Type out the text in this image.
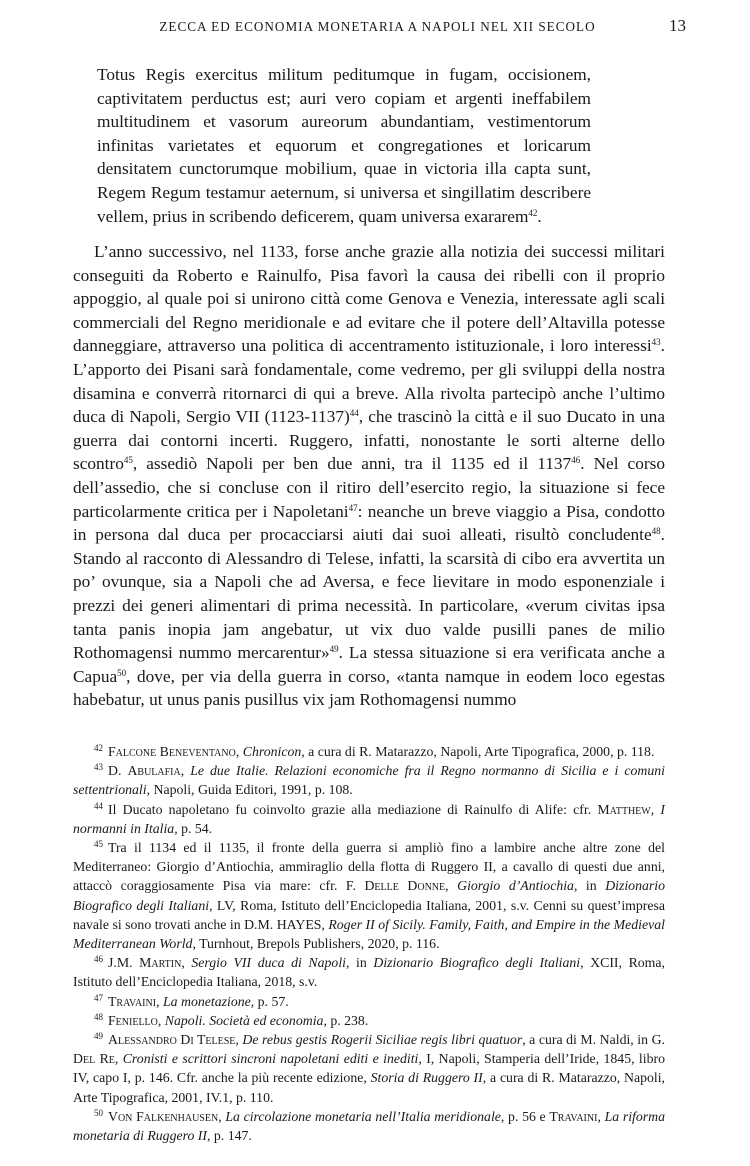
ZECCA ED ECONOMIA MONETARIA A NAPOLI NEL XII SECOLO	13

Totus Regis exercitus militum peditumque in fugam, occisionem, captivitatem perductus est; auri vero copiam et argenti ineffabilem multitudinem et vasorum aureorum abundantiam, vestimentorum infinitas varietates et equorum et congregationes et loricarum densitatem cunctorumque mobilium, quae in victoria illa capta sunt, Regem Regum testamur aeternum, si universa et singillatim describere vellem, prius in scribendo deficerem, quam universa exararem$^{42}$.

L’anno successivo, nel 1133, forse anche grazie alla notizia dei successi militari conseguiti da Roberto e Rainulfo, Pisa favorì la causa dei ribelli con il proprio appoggio, al quale poi si unirono città come Genova e Venezia, interessate agli scali commerciali del Regno meridionale e ad evitare che il potere dell’Altavilla potesse danneggiare, attraverso una politica di accentramento istituzionale, i loro interessi$^{43}$. L’apporto dei Pisani sarà fondamentale, come vedremo, per gli sviluppi della nostra disamina e converrà ritornarci di qui a breve. Alla rivolta partecipò anche l’ultimo duca di Napoli, Sergio VII (1123-1137)$^{44}$, che trascinò la città e il suo Ducato in una guerra dai contorni incerti. Ruggero, infatti, nonostante le sorti alterne dello scontro$^{45}$, assediò Napoli per ben due anni, tra il 1135 ed il 1137$^{46}$. Nel corso dell’assedio, che si concluse con il ritiro dell’esercito regio, la situazione si fece particolarmente critica per i Napoletani$^{47}$: neanche un breve viaggio a Pisa, condotto in persona dal duca per procacciarsi aiuti dai suoi alleati, risultò concludente$^{48}$. Stando al racconto di Alessandro di Telese, infatti, la scarsità di cibo era avvertita un po’ ovunque, sia a Napoli che ad Aversa, e fece lievitare in modo esponenziale i prezzi dei generi alimentari di prima necessità. In particolare, «verum civitas ipsa tanta panis inopia jam angebatur, ut vix duo valde pusilli panes de milio Rothomagensi nummo mercarentur»$^{49}$. La stessa situazione si era verificata anche a Capua$^{50}$, dove, per via della guerra in corso, «tanta namque in eodem loco egestas habebatur, ut unus panis pusillus vix jam Rothomagensi nummo

$^{42}$ Falcone Beneventano, Chronicon, a cura di R. Matarazzo, Napoli, Arte Tipografica, 2000, p. 118.

$^{43}$ D. Abulafia, Le due Italie. Relazioni economiche fra il Regno normanno di Sicilia e i comuni settentrionali, Napoli, Guida Editori, 1991, p. 108.

$^{44}$ Il Ducato napoletano fu coinvolto grazie alla mediazione di Rainulfo di Alife: cfr. Matthew, I normanni in Italia, p. 54.

$^{45}$ Tra il 1134 ed il 1135, il fronte della guerra si ampliò fino a lambire anche altre zone del Mediterraneo: Giorgio d’Antiochia, ammiraglio della flotta di Ruggero II, a cavallo di questi due anni, attaccò coraggiosamente Pisa via mare: cfr. F. Delle Donne, Giorgio d’Antiochia, in Dizionario Biografico degli Italiani, LV, Roma, Istituto dell’Enciclopedia Italiana, 2001, s.v. Cenni su quest’impresa navale si sono trovati anche in D.M. HAYES, Roger II of Sicily. Family, Faith, and Empire in the Medieval Mediterranean World, Turnhout, Brepols Publishers, 2020, p. 116.

$^{46}$ J.M. Martin, Sergio VII duca di Napoli, in Dizionario Biografico degli Italiani, XCII, Roma, Istituto dell’Enciclopedia Italiana, 2018, s.v.

$^{47}$ Travaini, La monetazione, p. 57.

$^{48}$ Feniello, Napoli. Società ed economia, p. 238.

$^{49}$ Alessandro Di Telese, De rebus gestis Rogerii Siciliae regis libri quatuor, a cura di M. Naldi, in G. Del Re, Cronisti e scrittori sincroni napoletani editi e inediti, I, Napoli, Stamperia dell’Iride, 1845, libro IV, capo I, p. 146. Cfr. anche la più recente edizione, Storia di Ruggero II, a cura di R. Matarazzo, Napoli, Arte Tipografica, 2001, IV.1, p. 110.

$^{50}$ Von Falkenhausen, La circolazione monetaria nell’Italia meridionale, p. 56 e Travaini, La riforma monetaria di Ruggero II, p. 147.
